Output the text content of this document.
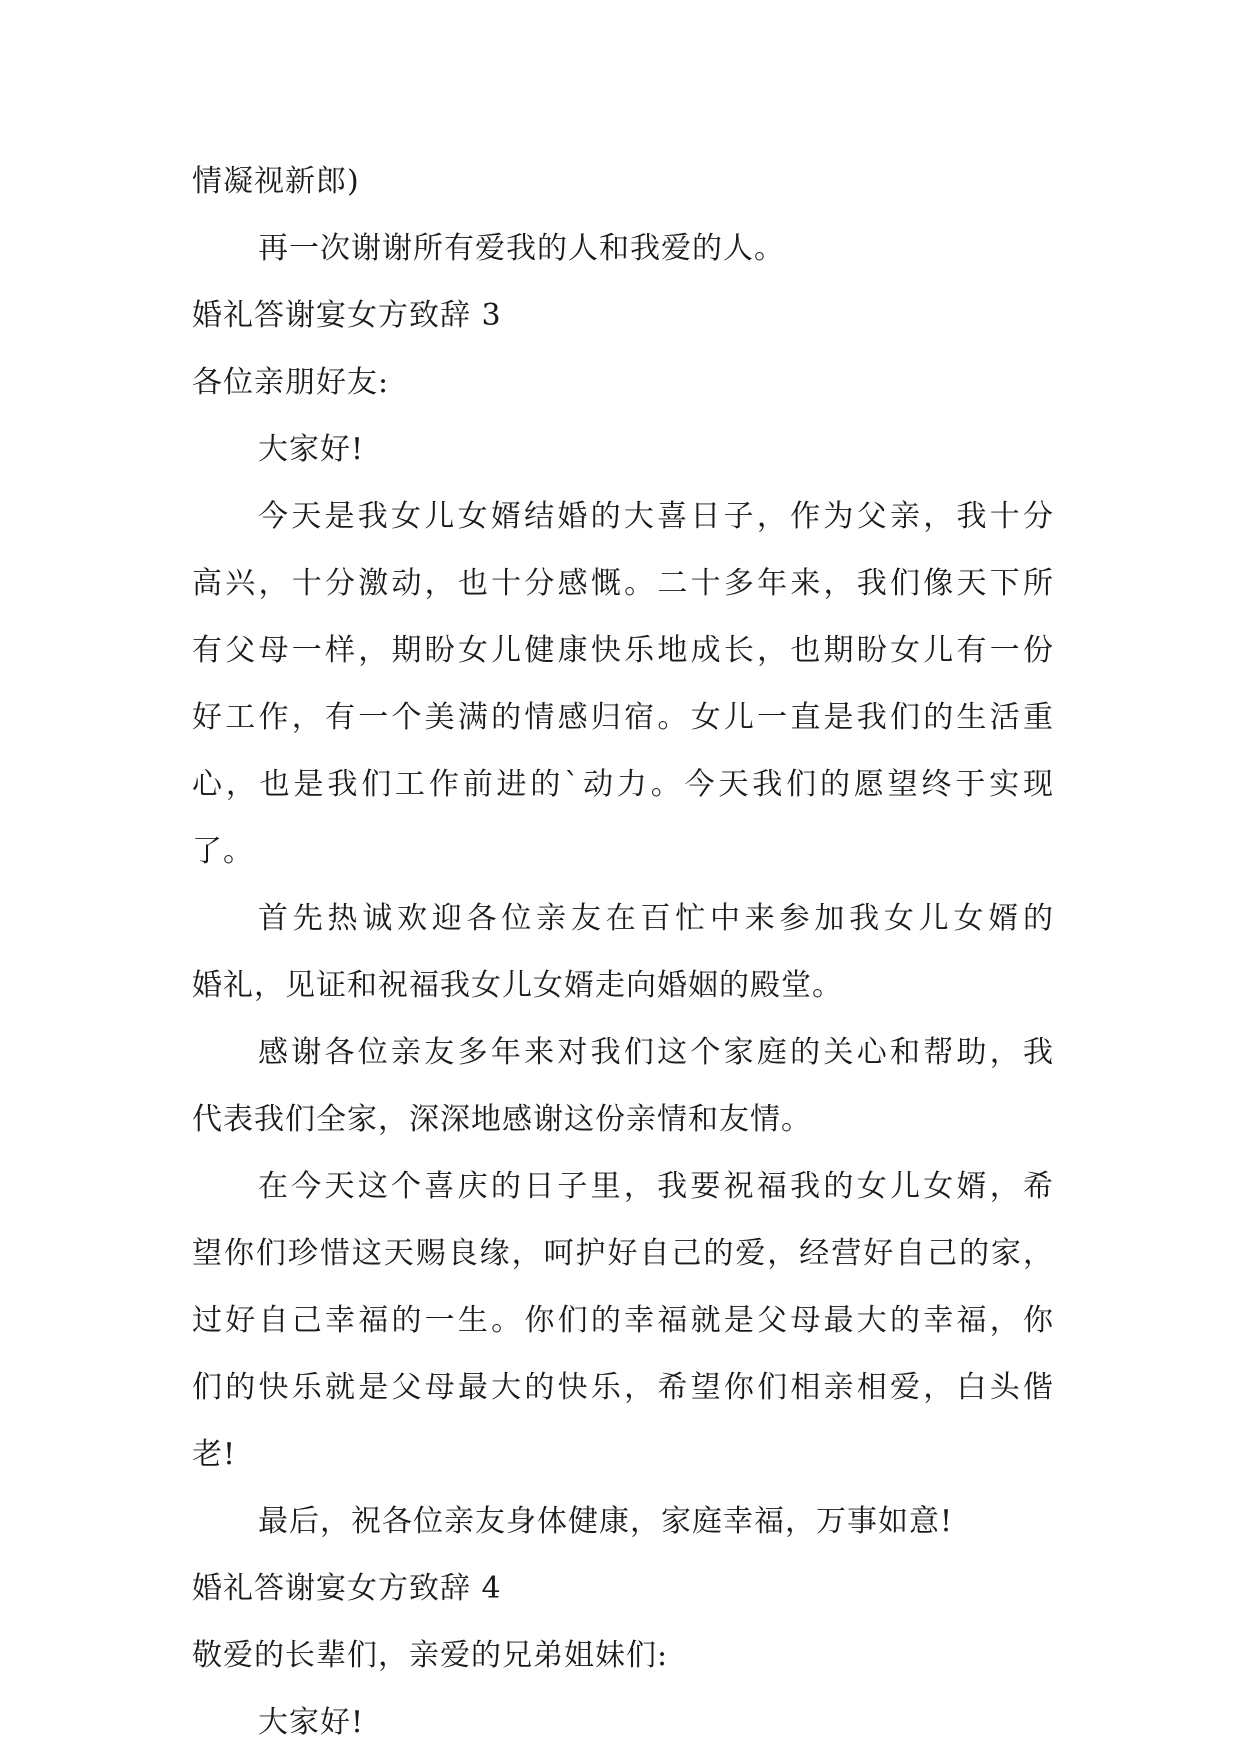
情凝视新郎)
再一次谢谢所有爱我的人和我爱的人。
婚礼答谢宴女方致辞 3
各位亲朋好友:
大家好!
今天是我女儿女婿结婚的大喜日子，作为父亲，我十分
高兴，十分激动，也十分感慨。二十多年来，我们像天下所
有父母一样，期盼女儿健康快乐地成长，也期盼女儿有一份
好工作，有一个美满的情感归宿。女儿一直是我们的生活重
心，也是我们工作前进的`动力。今天我们的愿望终于实现
了。
首先热诚欢迎各位亲友在百忙中来参加我女儿女婿的
婚礼，见证和祝福我女儿女婿走向婚姻的殿堂。
感谢各位亲友多年来对我们这个家庭的关心和帮助，我
代表我们全家，深深地感谢这份亲情和友情。
在今天这个喜庆的日子里，我要祝福我的女儿女婿，希
望你们珍惜这天赐良缘，呵护好自己的爱，经营好自己的家，
过好自己幸福的一生。你们的幸福就是父母最大的幸福，你
们的快乐就是父母最大的快乐，希望你们相亲相爱，白头偕
老!
最后，祝各位亲友身体健康，家庭幸福，万事如意!
婚礼答谢宴女方致辞 4
敬爱的长辈们，亲爱的兄弟姐妹们:
大家好!
